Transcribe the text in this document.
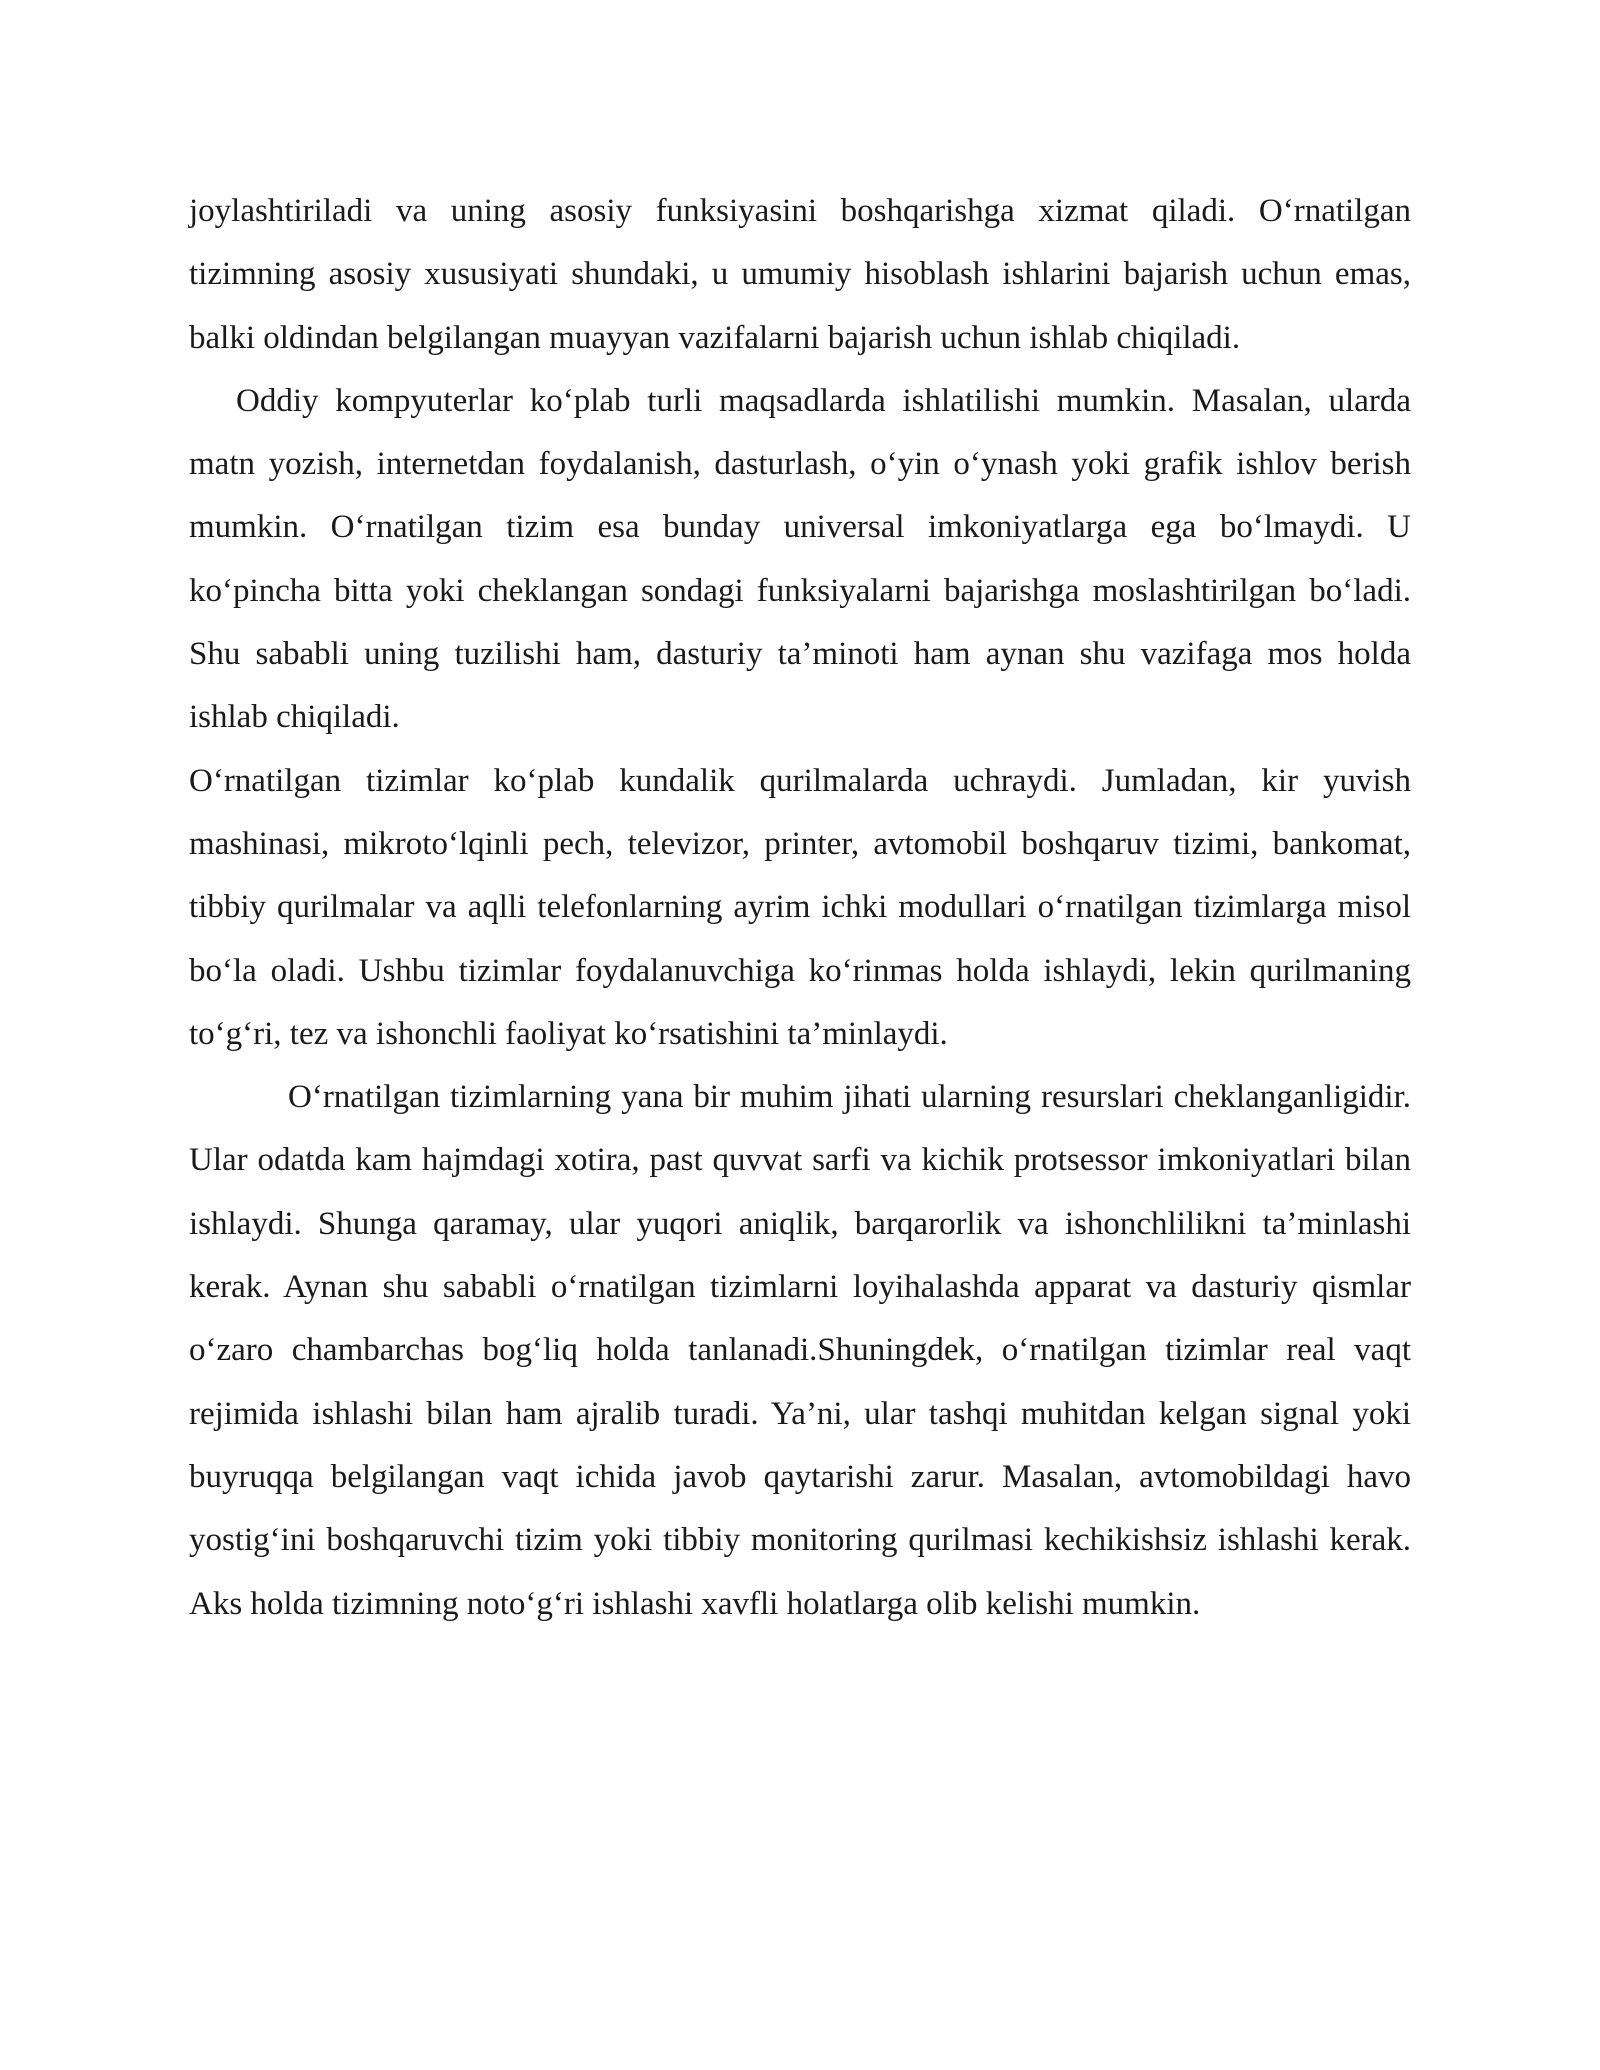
joylashtiriladi va uning asosiy funksiyasini boshqarishga xizmat qiladi. O‘rnatilgan tizimning asosiy xususiyati shundaki, u umumiy hisoblash ishlarini bajarish uchun emas, balki oldindan belgilangan muayyan vazifalarni bajarish uchun ishlab chiqiladi.

Oddiy kompyuterlar ko‘plab turli maqsadlarda ishlatilishi mumkin. Masalan, ularda matn yozish, internetdan foydalanish, dasturlash, o‘yin o‘ynash yoki grafik ishlov berish mumkin. O‘rnatilgan tizim esa bunday universal imkoniyatlarga ega bo‘lmaydi. U ko‘pincha bitta yoki cheklangan sondagi funksiyalarni bajarishga moslashtirilgan bo‘ladi. Shu sababli uning tuzilishi ham, dasturiy ta’minoti ham aynan shu vazifaga mos holda ishlab chiqiladi.

O‘rnatilgan tizimlar ko‘plab kundalik qurilmalarda uchraydi. Jumladan, kir yuvish mashinasi, mikroto‘lqinli pech, televizor, printer, avtomobil boshqaruv tizimi, bankomat, tibbiy qurilmalar va aqlli telefonlarning ayrim ichki modullari o‘rnatilgan tizimlarga misol bo‘la oladi. Ushbu tizimlar foydalanuvchiga ko‘rinmas holda ishlaydi, lekin qurilmaning to‘g‘ri, tez va ishonchli faoliyat ko‘rsatishini ta’minlaydi.

O‘rnatilgan tizimlarning yana bir muhim jihati ularning resurslari cheklanganligidir. Ular odatda kam hajmdagi xotira, past quvvat sarfi va kichik protsessor imkoniyatlari bilan ishlaydi. Shunga qaramay, ular yuqori aniqlik, barqarorlik va ishonchlilikni ta’minlashi kerak. Aynan shu sababli o‘rnatilgan tizimlarni loyihalashda apparat va dasturiy qismlar o‘zaro chambarchas bog‘liq holda tanlanadi.Shuningdek, o‘rnatilgan tizimlar real vaqt rejimida ishlashi bilan ham ajralib turadi. Ya’ni, ular tashqi muhitdan kelgan signal yoki buyruqqa belgilangan vaqt ichida javob qaytarishi zarur. Masalan, avtomobildagi havo yostig‘ini boshqaruvchi tizim yoki tibbiy monitoring qurilmasi kechikishsiz ishlashi kerak. Aks holda tizimning noto‘g‘ri ishlashi xavfli holatlarga olib kelishi mumkin.
